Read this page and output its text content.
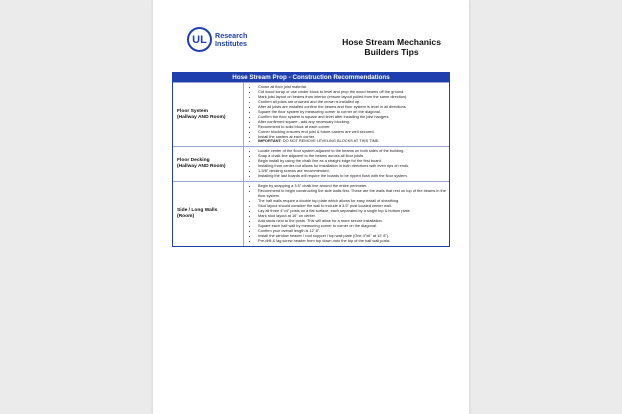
UL	Research
Institutes	Hose Stream Mechanics
Builders Tips
Hose Stream Prop - Construction Recommendations
Floor System
(Hallway AND Room)
• Crown all floor joist material.
• Cut wood scrap or use cinder block to level and prop the wood beams off the ground.
• Mark joist layout on beams from interior (ensure layout pulled from the same direction).
• Confirm all joists are crowned and the crown is installed up.
• After all joists are installed confirm the beams and floor system is level in all directions.
• Square the floor system by measuring corner to corner on the diagonal.
• Confirm the floor system is square and level after installing the joist hangers.
• After confirmed square - add any necessary blocking.
• Recommend to solid block at each corner.
• Corner blocking ensures end joist & future casters are well secured.
• Install the casters at each corner.
• IMPORTANT: DO NOT REMOVE LEVELING BLOCKS AT THIS TIME.
Floor Decking
(Hallway AND Room)
• Locate center of the floor system adjacent to the beams on both sides of the building.
• Snap a chalk line adjacent to the beams across all floor joists.
• Begin install by using the chalk line as a straight edge for the first board.
• Installing from center-out allows for installation in both directions with even rips on ends.
• 1-5/8" decking screws are recommended.
• Installing the last boards will require the boards to be ripped flush with the floor system.
Side / Long Walls
(Room)
• Begin by snapping a 3.5" chalk line around the entire perimeter.
• Recommend to begin constructing the side walls first. These are the walls that rest on top of the beams in the floor system.
• The half walls require a double top plate which allows for easy install of sheathing.
• Stud layout should consider the wall to include a 3.5" post located center wall.
• Lay all three 4"x4" posts on a flat surface, each separated by a single top & bottom plate.
• Mark stud layout at 16" on center.
• Add studs next to the posts. This will allow for a more secure installation.
• Square each half wall by measuring corner to corner on the diagonal.
• Confirm your overall length is 12' 8".
• Install the window header / roof support / top wall plate (One 4"x6" at 12' 8").
• Pre-drill & lag screw header from top down onto the top of the half wall posts.
